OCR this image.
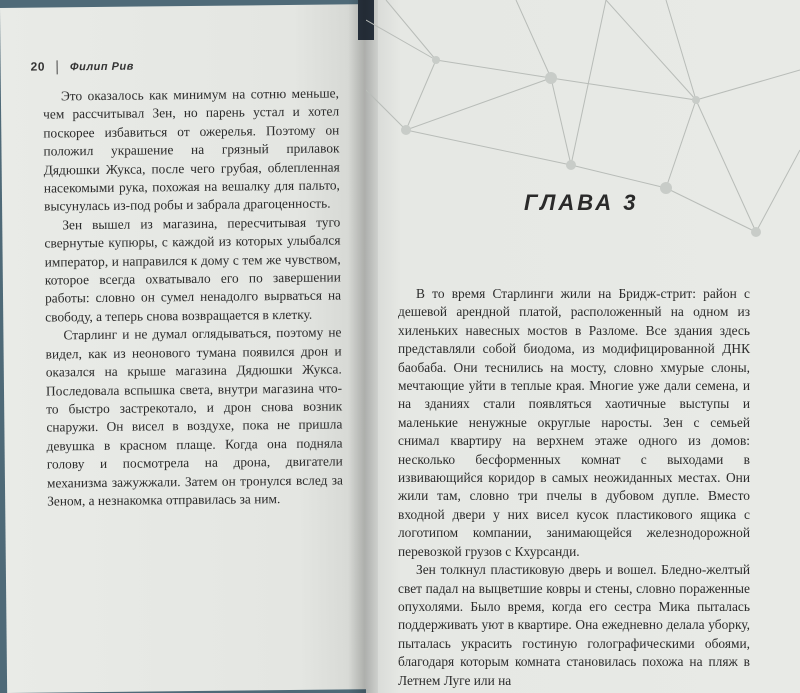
20 Филип Рив

Это оказалось как минимум на сотню меньше, чем рассчитывал Зен, но парень устал и хотел поскорее избавиться от ожерелья. Поэтому он положил украшение на грязный прилавок Дядюшки Жукса, после чего грубая, облепленная насекомыми рука, похожая на вешалку для пальто, высунулась из-под робы и забрала драгоценность.

Зен вышел из магазина, пересчитывая туго свернутые купюры, с каждой из которых улыбался император, и направился к дому с тем же чувством, которое всегда охватывало его по завершении работы: словно он сумел ненадолго вырваться на свободу, а теперь снова возвращается в клетку.

Старлинг и не думал оглядываться, поэтому не видел, как из неонового тумана появился дрон и оказался на крыше магазина Дядюшки Жукса. Последовала вспышка света, внутри магазина что-то быстро застрекотало, и дрон снова возник снаружи. Он висел в воздухе, пока не пришла девушка в красном плаще. Когда она подняла голову и посмотрела на дрона, двигатели механизма зажужжали. Затем он тронулся вслед за Зеном, а незнакомка отправилась за ним.

ГЛАВА 3

В то время Старлинги жили на Бридж-стрит: район с дешевой арендной платой, расположенный на одном из хиленьких навесных мостов в Разломе. Все здания здесь представляли собой биодома, из модифицированной ДНК баобаба. Они теснились на мосту, словно хмурые слоны, мечтающие уйти в теплые края. Многие уже дали семена, и на зданиях стали появляться хаотичные выступы и маленькие ненужные округлые наросты. Зен с семьей снимал квартиру на верхнем этаже одного из домов: несколько бесформенных комнат с выходами в извивающийся коридор в самых неожиданных местах. Они жили там, словно три пчелы в дубовом дупле. Вместо входной двери у них висел кусок пластикового ящика с логотипом компании, занимающейся железнодорожной перевозкой грузов с Кхурсанди.

Зен толкнул пластиковую дверь и вошел. Бледно-желтый свет падал на выцветшие ковры и стены, словно пораженные опухолями. Было время, когда его сестра Мика пыталась поддерживать уют в квартире. Она ежедневно делала уборку, пыталась украсить гостиную голографическими обоями, благодаря которым комната становилась похожа на пляж в Летнем Луге или на
